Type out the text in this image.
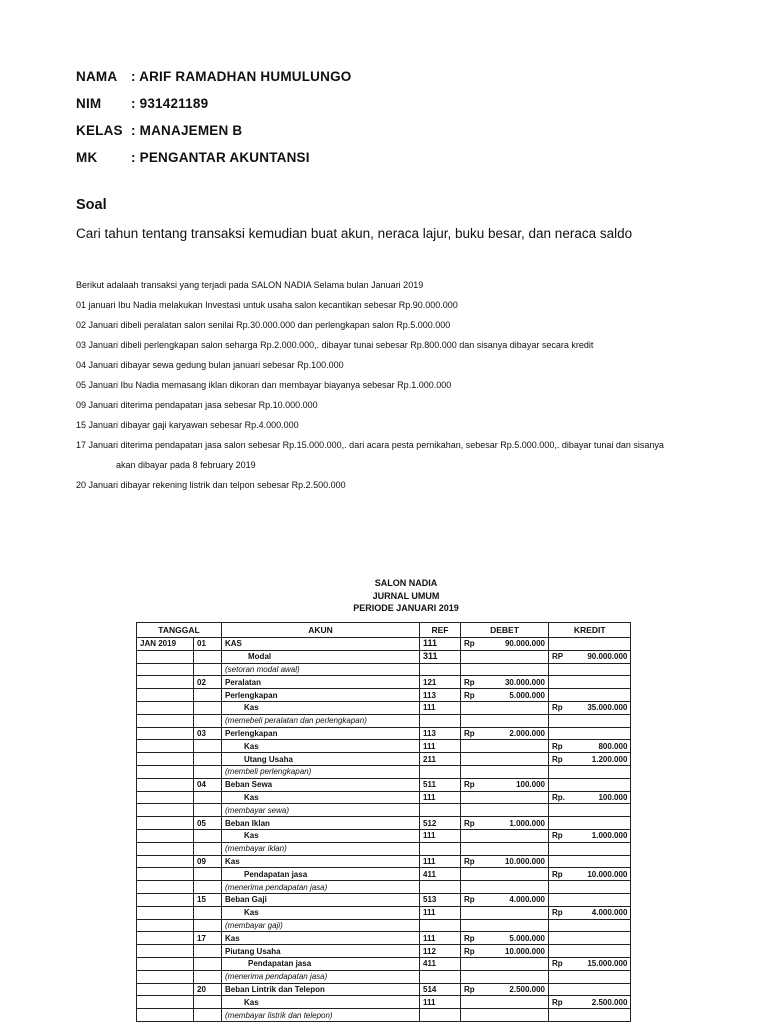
NAMA	: ARIF RAMADHAN HUMULUNGO
NIM	: 931421189
KELAS : MANAJEMEN B
MK	: PENGANTAR AKUNTANSI
Soal
Cari tahun tentang transaksi kemudian buat akun, neraca lajur, buku besar, dan neraca saldo
Berikut adalaah transaksi yang terjadi pada SALON NADIA Selama bulan Januari 2019
01 januari Ibu Nadia melakukan Investasi untuk usaha salon kecantikan sebesar Rp.90.000.000
02 Januari dibeli peralatan salon senilai Rp.30.000.000 dan perlengkapan salon Rp.5.000.000
03 Januari dibeli perlengkapan salon seharga Rp.2.000.000,. dibayar tunai sebesar Rp.800.000 dan sisanya dibayar secara kredit
04 Januari dibayar sewa gedung bulan januari sebesar Rp.100.000
05 Januari Ibu Nadia memasang iklan dikoran dan membayar biayanya sebesar Rp.1.000.000
09 Januari diterima pendapatan jasa sebesar Rp.10.000.000
15 Januari dibayar gaji karyawan sebesar Rp.4.000.000
17 Januari diterima pendapatan jasa salon sebesar Rp.15.000.000,. dari acara pesta pernikahan, sebesar Rp.5.000.000,. dibayar tunai dan sisanya
akan dibayar pada 8 february 2019
20 Januari dibayar rekening listrik dan telpon sebesar Rp.2.500.000
SALON NADIA
JURNAL UMUM
PERIODE JANUARI 2019
TANGGAL		AKUN	REF	DEBET		KREDIT	
JAN 2019	01	KAS	111	Rp	90.000.000		
		Modal	311			RP	90.000.000
		(setoran modal awal)					
	02	Peralatan	121	Rp	30.000.000		
		Perlengkapan	113	Rp	5.000.000		
		Kas	111			Rp	35.000.000
		(memebeli peralatan dan perlengkapan)					
	03	Perlengkapan	113	Rp	2.000.000		
		Kas	111			Rp	800.000
		Utang Usaha	211			Rp	1.200.000
		(membeli perlengkapan)					
	04	Beban Sewa	511	Rp	100.000		
		Kas	111			Rp.	100.000
		(membayar sewa)					
	05	Beban Iklan	512	Rp	1.000.000		
		Kas	111			Rp	1.000.000
		(membayar iklan)					
	09	Kas	111	Rp	10.000.000		
		Pendapatan jasa	411			Rp	10.000.000
		(menerima pendapatan jasa)					
	15	Beban Gaji	513	Rp	4.000.000		
		Kas	111			Rp	4.000.000
		(membayar gaji)					
	17	Kas	111	Rp	5.000.000		
		Piutang Usaha	112	Rp	10.000.000		
		Pendapatan jasa	411			Rp	15.000.000
		(menerima pendapatan jasa)					
	20	Beban Lintrik dan Telepon	514	Rp	2.500.000		
		Kas	111			Rp	2.500.000
		(membayar listrik dan telepon)					
